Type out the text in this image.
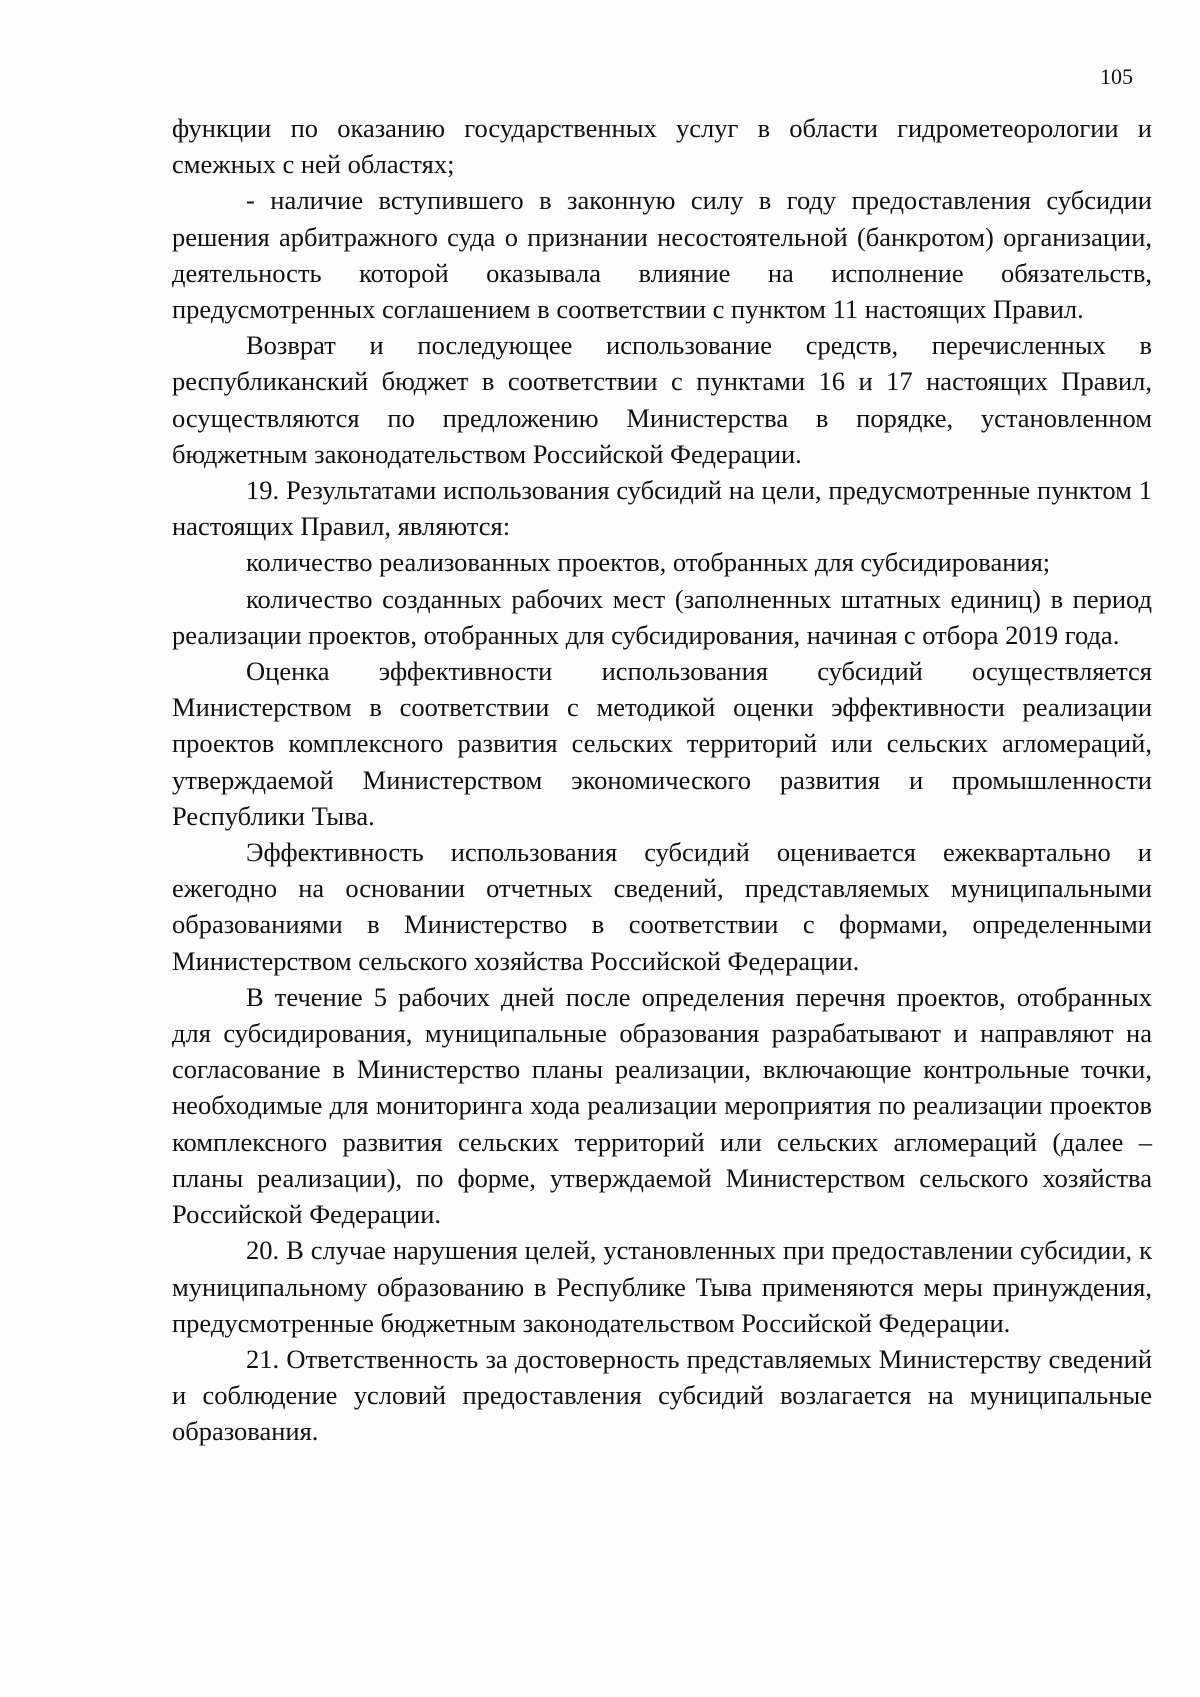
105

функции по оказанию государственных услуг в области гидрометеорологии и смежных с ней областях;

- наличие вступившего в законную силу в году предоставления субсидии решения арбитражного суда о признании несостоятельной (банкротом) организации, деятельность которой оказывала влияние на исполнение обязательств, предусмотренных соглашением в соответствии с пунктом 11 настоящих Правил.

Возврат и последующее использование средств, перечисленных в республиканский бюджет в соответствии с пунктами 16 и 17 настоящих Правил, осуществляются по предложению Министерства в порядке, установленном бюджетным законодательством Российской Федерации.

19. Результатами использования субсидий на цели, предусмотренные пунктом 1 настоящих Правил, являются:

количество реализованных проектов, отобранных для субсидирования;

количество созданных рабочих мест (заполненных штатных единиц) в период реализации проектов, отобранных для субсидирования, начиная с отбора 2019 года.

Оценка эффективности использования субсидий осуществляется Министерством в соответствии с методикой оценки эффективности реализации проектов комплексного развития сельских территорий или сельских агломераций, утверждаемой Министерством экономического развития и промышленности Республики Тыва.

Эффективность использования субсидий оценивается ежеквартально и ежегодно на основании отчетных сведений, представляемых муниципальными образованиями в Министерство в соответствии с формами, определенными Министерством сельского хозяйства Российской Федерации.

В течение 5 рабочих дней после определения перечня проектов, отобранных для субсидирования, муниципальные образования разрабатывают и направляют на согласование в Министерство планы реализации, включающие контрольные точки, необходимые для мониторинга хода реализации мероприятия по реализации проектов комплексного развития сельских территорий или сельских агломераций (далее – планы реализации), по форме, утверждаемой Министерством сельского хозяйства Российской Федерации.

20. В случае нарушения целей, установленных при предоставлении субсидии, к муниципальному образованию в Республике Тыва применяются меры принуждения, предусмотренные бюджетным законодательством Российской Федерации.

21. Ответственность за достоверность представляемых Министерству сведений и соблюдение условий предоставления субсидий возлагается на муниципальные образования.
